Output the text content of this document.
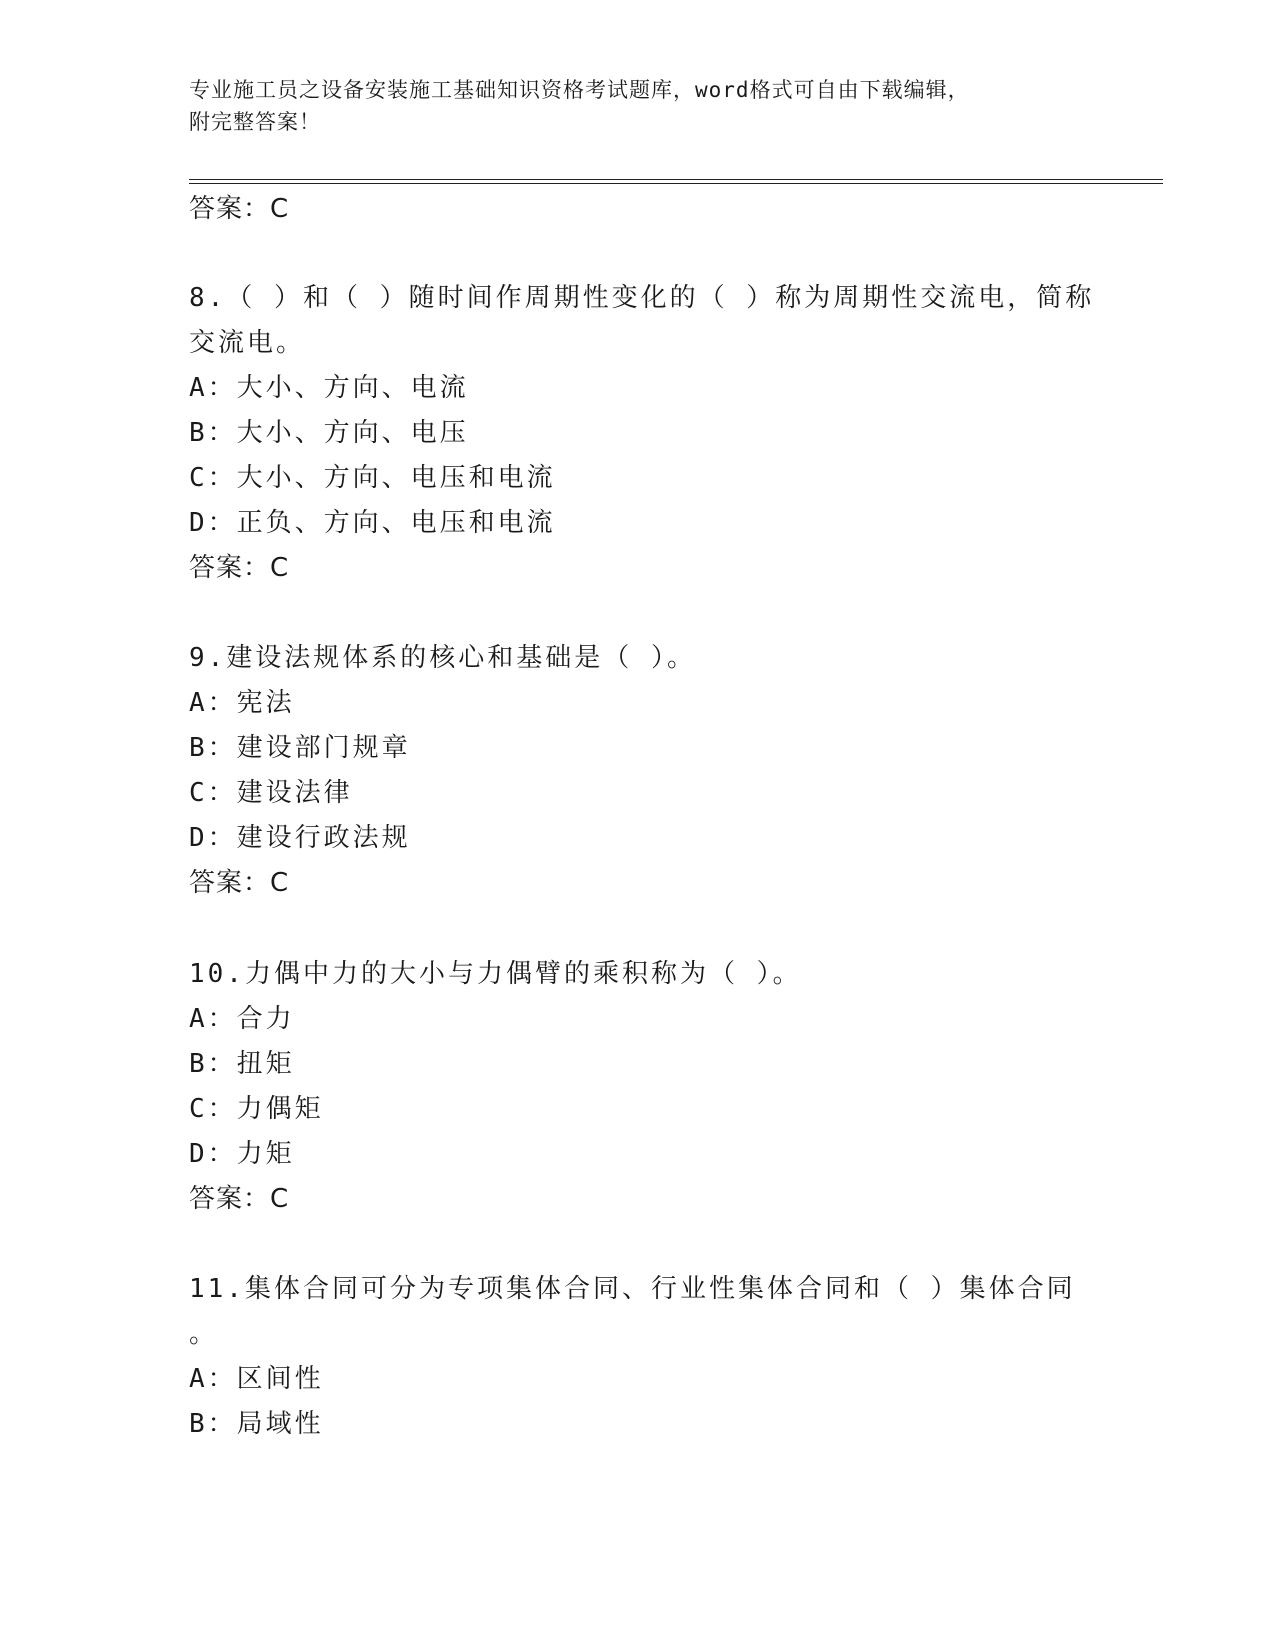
专业施工员之设备安装施工基础知识资格考试题库，word格式可自由下载编辑，
附完整答案！
答案：C
8.（ ）和（ ）随时间作周期性变化的（ ）称为周期性交流电，简称
交流电。
A：大小、方向、电流
B：大小、方向、电压
C：大小、方向、电压和电流
D：正负、方向、电压和电流
答案：C
9.建设法规体系的核心和基础是（ ）。
A：宪法
B：建设部门规章
C：建设法律
D：建设行政法规
答案：C
10.力偶中力的大小与力偶臂的乘积称为（ ）。
A：合力
B：扭矩
C：力偶矩
D：力矩
答案：C
11.集体合同可分为专项集体合同、行业性集体合同和（ ）集体合同
。
A：区间性
B：局域性
